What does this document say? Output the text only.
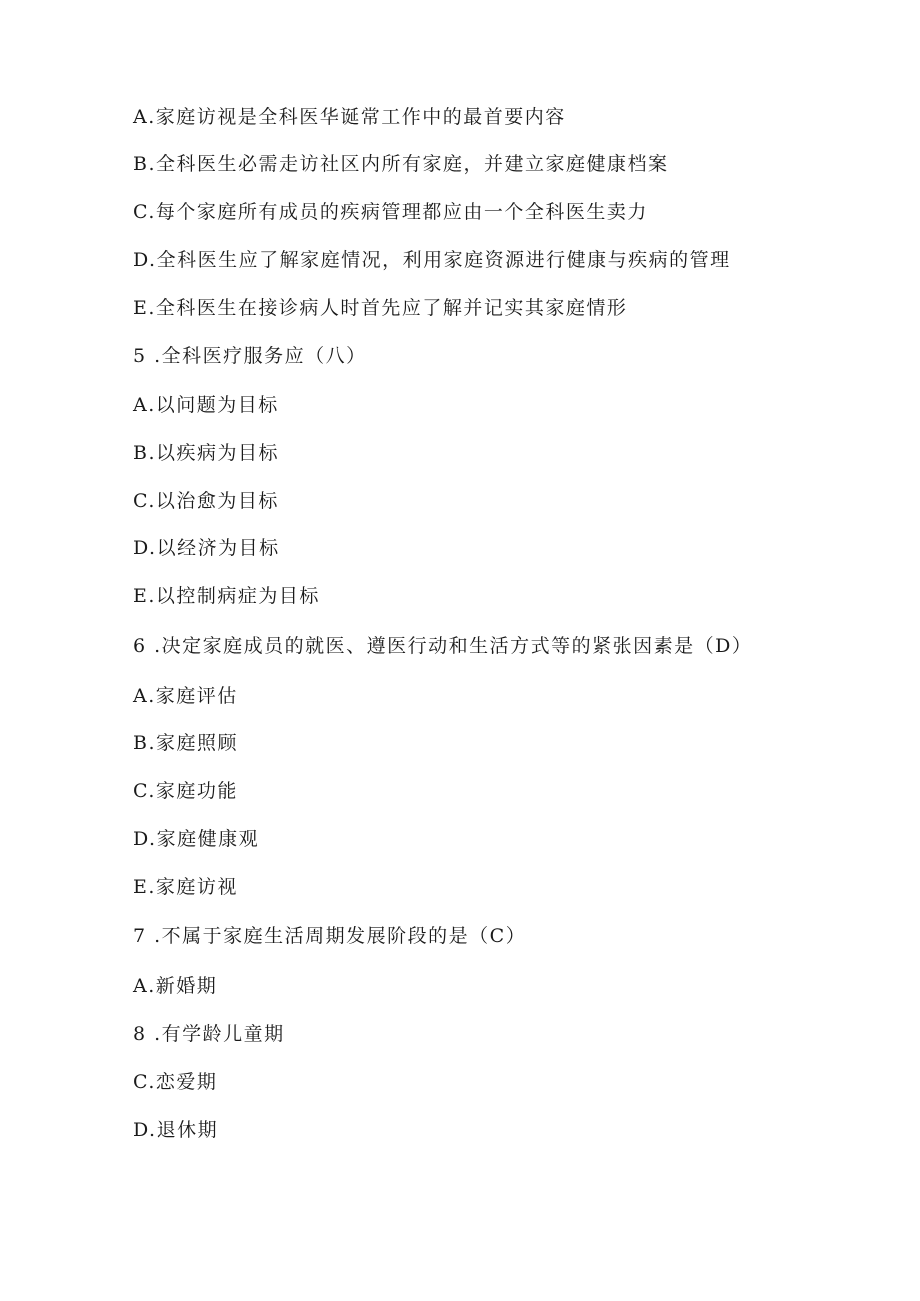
A.家庭访视是全科医华诞常工作中的最首要内容
B.全科医生必需走访社区内所有家庭，并建立家庭健康档案
C.每个家庭所有成员的疾病管理都应由一个全科医生卖力
D.全科医生应了解家庭情况，利用家庭资源进行健康与疾病的管理
E.全科医生在接诊病人时首先应了解并记实其家庭情形
5 .全科医疗服务应（八）
A.以问题为目标
B.以疾病为目标
C.以治愈为目标
D.以经济为目标
E.以控制病症为目标
6 .决定家庭成员的就医、遵医行动和生活方式等的紧张因素是（D）
A.家庭评估
B.家庭照顾
C.家庭功能
D.家庭健康观
E.家庭访视
7 .不属于家庭生活周期发展阶段的是（C）
A.新婚期
8 .有学龄儿童期
C.恋爱期
D.退休期
